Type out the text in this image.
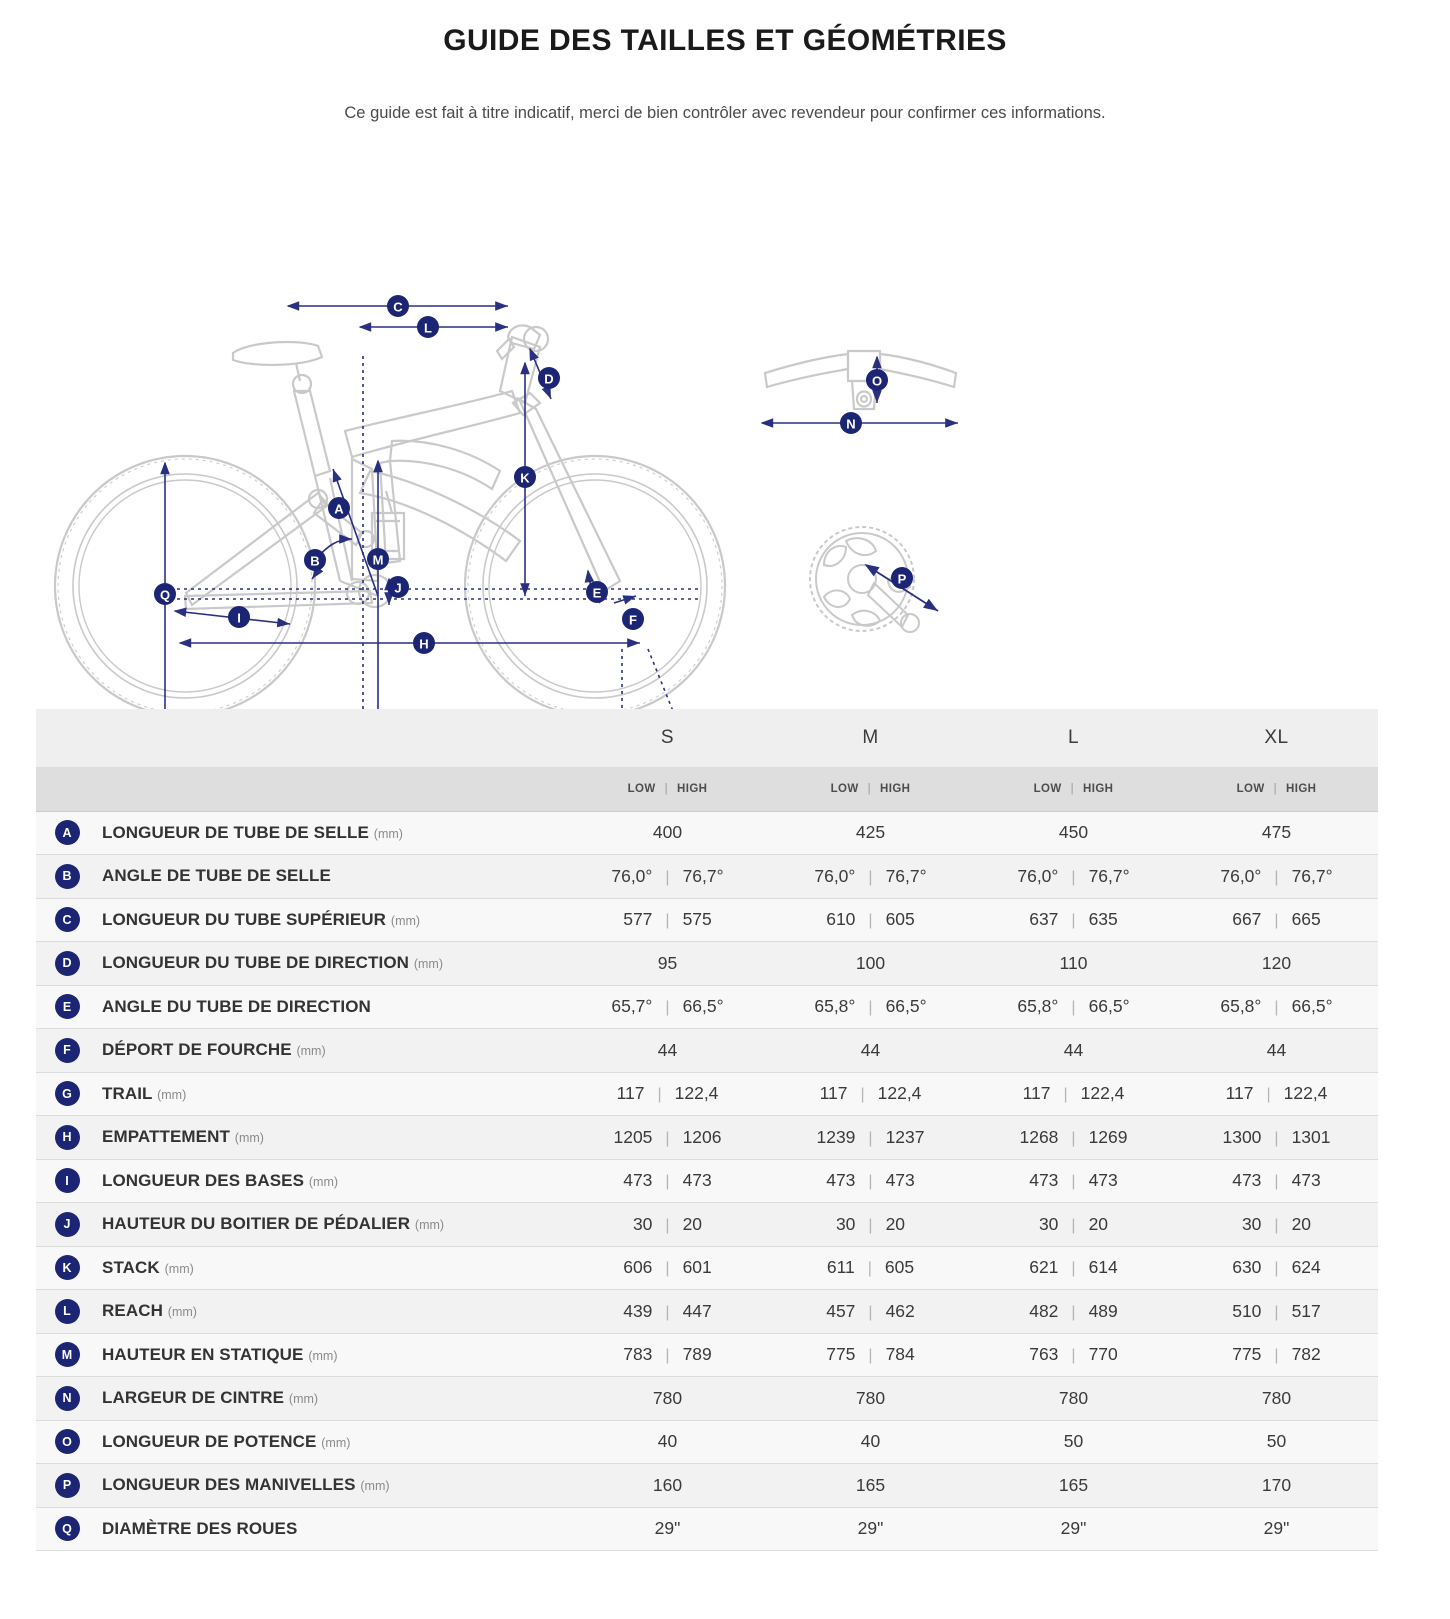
GUIDE DES TAILLES ET GÉOMÉTRIES

Ce guide est fait à titre indicatif, merci de bien contrôler avec revendeur pour confirmer ces informations.

C
L
A
B
D
K
E
F
H
I
J
M
Q
O
N
P
		S	M	L	XL

		LOW | HIGH	LOW | HIGH	LOW | HIGH	LOW | HIGH

A	LONGUEUR DE TUBE DE SELLE (mm)	400	425	450	475

B	ANGLE DE TUBE DE SELLE	76,0° | 76,7°	76,0° | 76,7°	76,0° | 76,7°	76,0° | 76,7°

C	LONGUEUR DU TUBE SUPÉRIEUR (mm)	577 | 575	610 | 605	637 | 635	667 | 665

D	LONGUEUR DU TUBE DE DIRECTION (mm)	95	100	110	120

E	ANGLE DU TUBE DE DIRECTION	65,7° | 66,5°	65,8° | 66,5°	65,8° | 66,5°	65,8° | 66,5°

F	DÉPORT DE FOURCHE (mm)	44	44	44	44

G	TRAIL (mm)	117 | 122,4	117 | 122,4	117 | 122,4	117 | 122,4

H	EMPATTEMENT (mm)	1205 | 1206	1239 | 1237	1268 | 1269	1300 | 1301

I	LONGUEUR DES BASES (mm)	473 | 473	473 | 473	473 | 473	473 | 473

J	HAUTEUR DU BOITIER DE PÉDALIER (mm)	30 | 20	30 | 20	30 | 20	30 | 20

K	STACK (mm)	606 | 601	611 | 605	621 | 614	630 | 624

L	REACH (mm)	439 | 447	457 | 462	482 | 489	510 | 517

M	HAUTEUR EN STATIQUE (mm)	783 | 789	775 | 784	763 | 770	775 | 782

N	LARGEUR DE CINTRE (mm)	780	780	780	780

O	LONGUEUR DE POTENCE (mm)	40	40	50	50

P	LONGUEUR DES MANIVELLES (mm)	160	165	165	170

Q	DIAMÈTRE DES ROUES	29"	29"	29"	29"
